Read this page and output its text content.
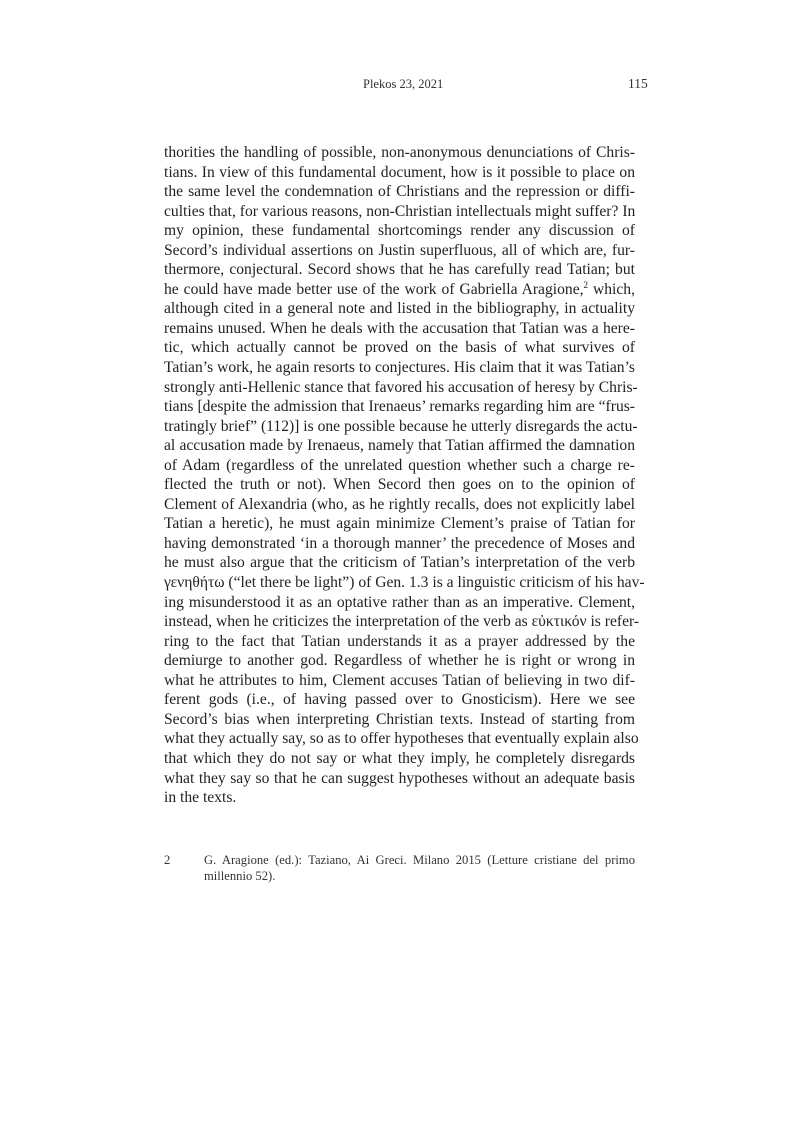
Plekos 23, 2021	115
thorities the handling of possible, non-anonymous denunciations of Chris-
tians. In view of this fundamental document, how is it possible to place on
the same level the condemnation of Christians and the repression or diffi-
culties that, for various reasons, non-Christian intellectuals might suffer? In
my opinion, these fundamental shortcomings render any discussion of
Secord’s individual assertions on Justin superfluous, all of which are, fur-
thermore, conjectural. Secord shows that he has carefully read Tatian; but
he could have made better use of the work of Gabriella Aragione,$^2$ which,
although cited in a general note and listed in the bibliography, in actuality
remains unused. When he deals with the accusation that Tatian was a here-
tic, which actually cannot be proved on the basis of what survives of
Tatian’s work, he again resorts to conjectures. His claim that it was Tatian’s
strongly anti-Hellenic stance that favored his accusation of heresy by Chris-
tians [despite the admission that Irenaeus’ remarks regarding him are “frus-
tratingly brief” (112)] is one possible because he utterly disregards the actu-
al accusation made by Irenaeus, namely that Tatian affirmed the damnation
of Adam (regardless of the unrelated question whether such a charge re-
flected the truth or not). When Secord then goes on to the opinion of
Clement of Alexandria (who, as he rightly recalls, does not explicitly label
Tatian a heretic), he must again minimize Clement’s praise of Tatian for
having demonstrated ‘in a thorough manner’ the precedence of Moses and
he must also argue that the criticism of Tatian’s interpretation of the verb
γενηθήτω (“let there be light”) of Gen. 1.3 is a linguistic criticism of his hav-
ing misunderstood it as an optative rather than as an imperative. Clement,
instead, when he criticizes the interpretation of the verb as εὐκτικόν is refer-
ring to the fact that Tatian understands it as a prayer addressed by the
demiurge to another god. Regardless of whether he is right or wrong in
what he attributes to him, Clement accuses Tatian of believing in two dif-
ferent gods (i.e., of having passed over to Gnosticism). Here we see
Secord’s bias when interpreting Christian texts. Instead of starting from
what they actually say, so as to offer hypotheses that eventually explain also
that which they do not say or what they imply, he completely disregards
what they say so that he can suggest hypotheses without an adequate basis
in the texts.
2	G. Aragione (ed.): Taziano, Ai Greci. Milano 2015 (Letture cristiane del primo
millennio 52).
